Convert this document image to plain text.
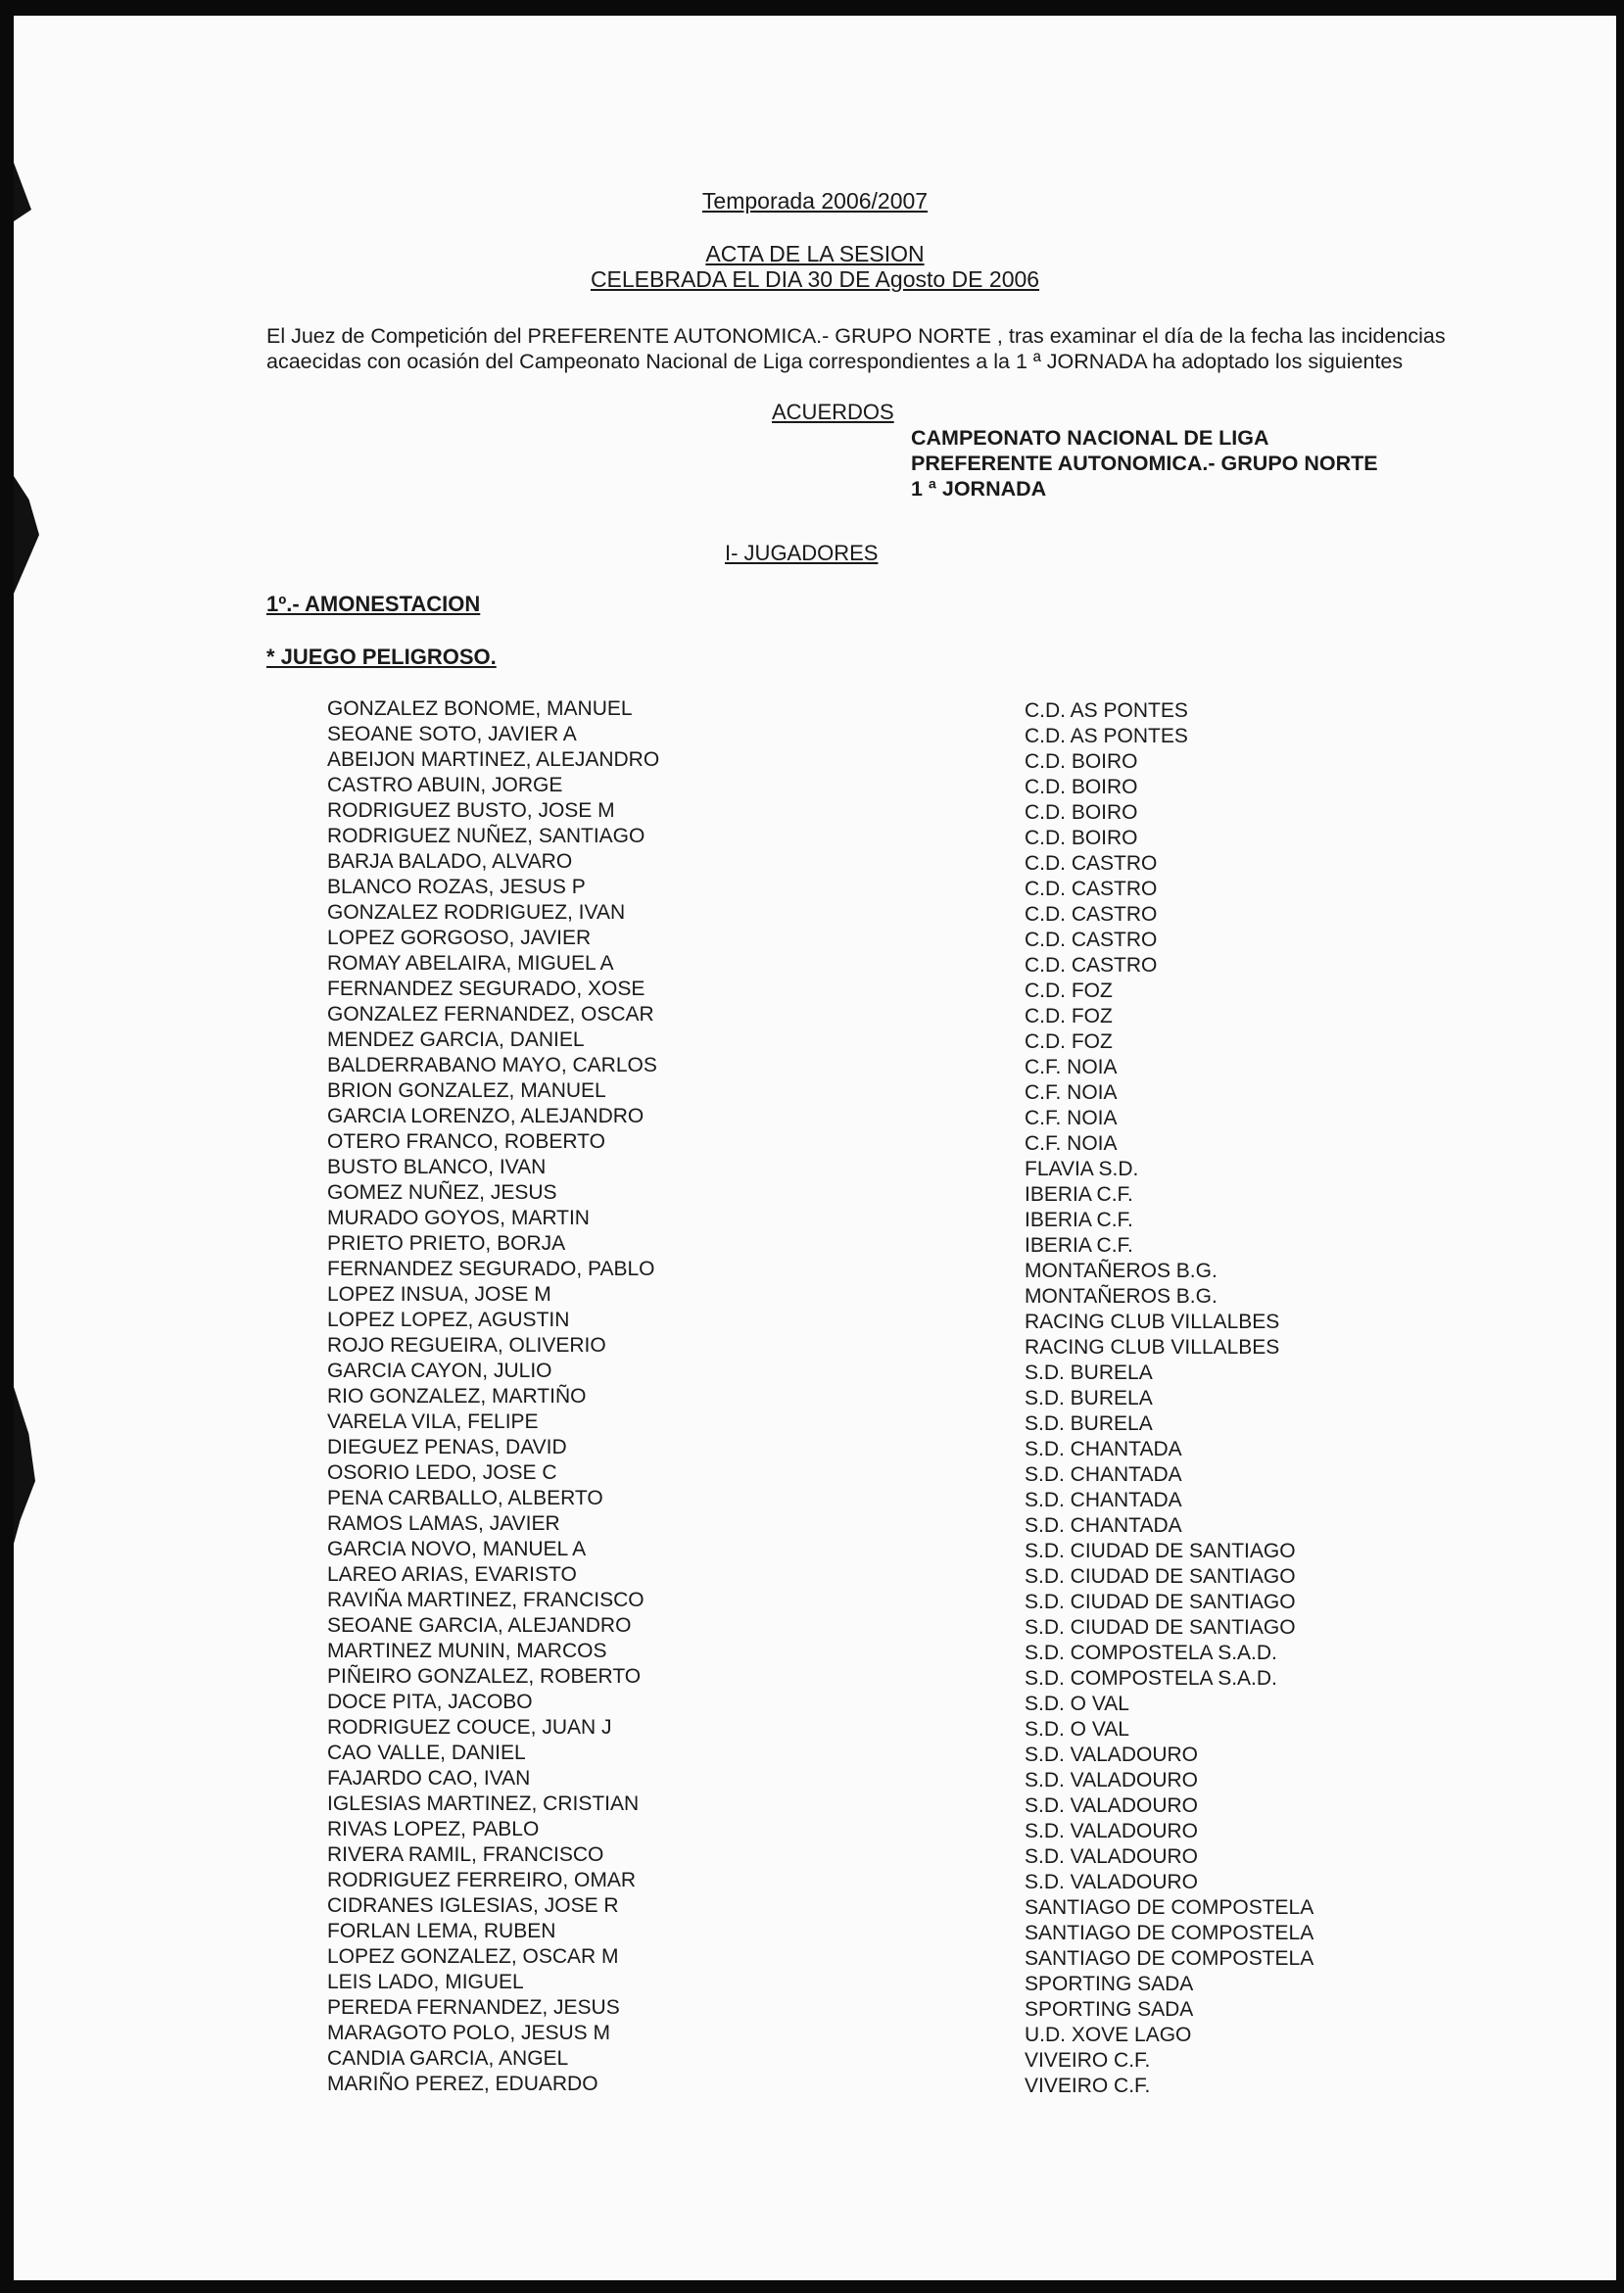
Temporada 2006/2007
ACTA DE LA SESION
CELEBRADA EL DIA 30 DE Agosto DE 2006
El Juez de Competición del PREFERENTE AUTONOMICA.- GRUPO NORTE , tras examinar el día de la fecha las incidencias
acaecidas con ocasión del Campeonato Nacional de Liga correspondientes a la 1 ª JORNADA ha adoptado los siguientes
ACUERDOS
CAMPEONATO NACIONAL DE LIGA
PREFERENTE AUTONOMICA.- GRUPO NORTE
1 ª JORNADA
I- JUGADORES
1º.- AMONESTACION
* JUEGO PELIGROSO.
GONZALEZ BONOME, MANUEL	C.D. AS PONTES
SEOANE SOTO, JAVIER A	C.D. AS PONTES
ABEIJON MARTINEZ, ALEJANDRO	C.D. BOIRO
CASTRO ABUIN, JORGE	C.D. BOIRO
RODRIGUEZ BUSTO, JOSE M	C.D. BOIRO
RODRIGUEZ NUÑEZ, SANTIAGO	C.D. BOIRO
BARJA BALADO, ALVARO	C.D. CASTRO
BLANCO ROZAS, JESUS P	C.D. CASTRO
GONZALEZ RODRIGUEZ, IVAN	C.D. CASTRO
LOPEZ GORGOSO, JAVIER	C.D. CASTRO
ROMAY ABELAIRA, MIGUEL A	C.D. CASTRO
FERNANDEZ SEGURADO, XOSE	C.D. FOZ
GONZALEZ FERNANDEZ, OSCAR	C.D. FOZ
MENDEZ GARCIA, DANIEL	C.D. FOZ
BALDERRABANO MAYO, CARLOS	C.F. NOIA
BRION GONZALEZ, MANUEL	C.F. NOIA
GARCIA LORENZO, ALEJANDRO	C.F. NOIA
OTERO FRANCO, ROBERTO	C.F. NOIA
BUSTO BLANCO, IVAN	FLAVIA S.D.
GOMEZ NUÑEZ, JESUS	IBERIA C.F.
MURADO GOYOS, MARTIN	IBERIA C.F.
PRIETO PRIETO, BORJA	IBERIA C.F.
FERNANDEZ SEGURADO, PABLO	MONTAÑEROS B.G.
LOPEZ INSUA, JOSE M	MONTAÑEROS B.G.
LOPEZ LOPEZ, AGUSTIN	RACING CLUB VILLALBES
ROJO REGUEIRA, OLIVERIO	RACING CLUB VILLALBES
GARCIA CAYON, JULIO	S.D. BURELA
RIO GONZALEZ, MARTIÑO	S.D. BURELA
VARELA VILA, FELIPE	S.D. BURELA
DIEGUEZ PENAS, DAVID	S.D. CHANTADA
OSORIO LEDO, JOSE C	S.D. CHANTADA
PENA CARBALLO, ALBERTO	S.D. CHANTADA
RAMOS LAMAS, JAVIER	S.D. CHANTADA
GARCIA NOVO, MANUEL A	S.D. CIUDAD DE SANTIAGO
LAREO ARIAS, EVARISTO	S.D. CIUDAD DE SANTIAGO
RAVIÑA MARTINEZ, FRANCISCO	S.D. CIUDAD DE SANTIAGO
SEOANE GARCIA, ALEJANDRO	S.D. CIUDAD DE SANTIAGO
MARTINEZ MUNIN, MARCOS	S.D. COMPOSTELA S.A.D.
PIÑEIRO GONZALEZ, ROBERTO	S.D. COMPOSTELA S.A.D.
DOCE PITA, JACOBO	S.D. O VAL
RODRIGUEZ COUCE, JUAN J	S.D. O VAL
CAO VALLE, DANIEL	S.D. VALADOURO
FAJARDO CAO, IVAN	S.D. VALADOURO
IGLESIAS MARTINEZ, CRISTIAN	S.D. VALADOURO
RIVAS LOPEZ, PABLO	S.D. VALADOURO
RIVERA RAMIL, FRANCISCO	S.D. VALADOURO
RODRIGUEZ FERREIRO, OMAR	S.D. VALADOURO
CIDRANES IGLESIAS, JOSE R	SANTIAGO DE COMPOSTELA
FORLAN LEMA, RUBEN	SANTIAGO DE COMPOSTELA
LOPEZ GONZALEZ, OSCAR M	SANTIAGO DE COMPOSTELA
LEIS LADO, MIGUEL	SPORTING SADA
PEREDA FERNANDEZ, JESUS	SPORTING SADA
MARAGOTO POLO, JESUS M	U.D. XOVE LAGO
CANDIA GARCIA, ANGEL	VIVEIRO C.F.
MARIÑO PEREZ, EDUARDO	VIVEIRO C.F.
